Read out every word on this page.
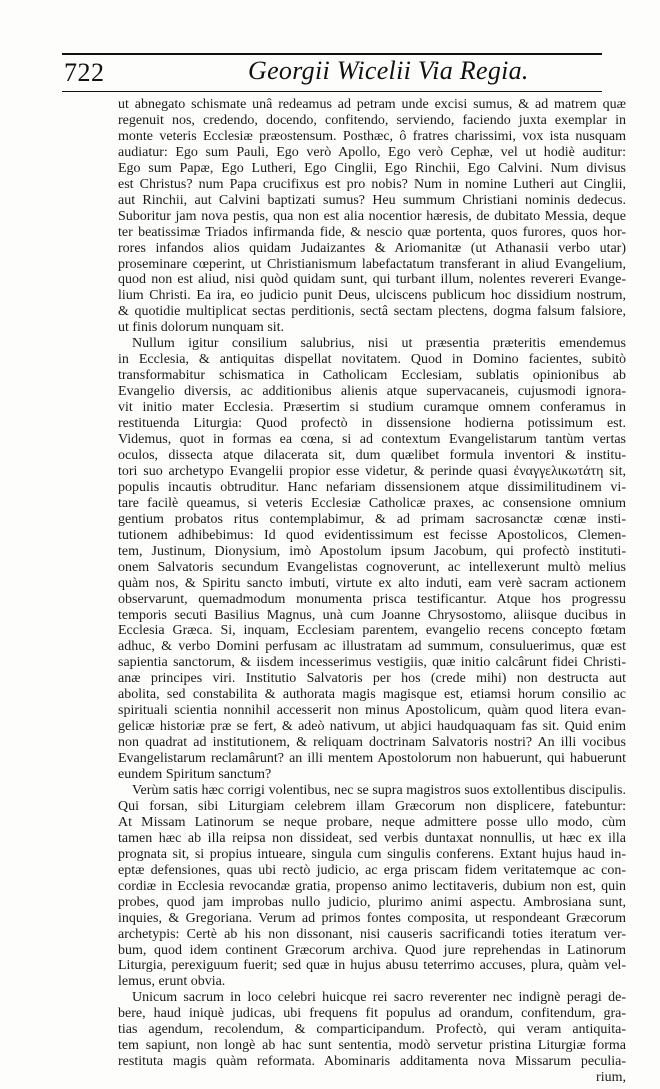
722	Georgii Wicelii Via Regia.
ut abnegato schismate unâ redeamus ad petram unde excisi sumus, & ad matrem quæ
regenuit nos, credendo, docendo, confitendo, serviendo, faciendo juxta exemplar in
monte veteris Ecclesiæ præostensum. Posthæc, ô fratres charissimi, vox ista nusquam
audiatur: Ego sum Pauli, Ego verò Apollo, Ego verò Cephæ, vel ut hodiè auditur:
Ego sum Papæ, Ego Lutheri, Ego Cinglii, Ego Rinchii, Ego Calvini. Num divisus
est Christus? num Papa crucifixus est pro nobis? Num in nomine Lutheri aut Cinglii,
aut Rinchii, aut Calvini baptizati sumus? Heu summum Christiani nominis dedecus.
Suboritur jam nova pestis, qua non est alia nocentior hæresis, de dubitato Messia, deque
ter beatissimæ Triados infirmanda fide, & nescio quæ portenta, quos furores, quos hor-
rores infandos alios quidam Judaizantes & Ariomanitæ (ut Athanasii verbo utar)
proseminare cœperint, ut Christianismum labefactatum transferant in aliud Evangelium,
quod non est aliud, nisi quòd quidam sunt, qui turbant illum, nolentes revereri Evange-
lium Christi. Ea ira, eo judicio punit Deus, ulciscens publicum hoc dissidium nostrum,
& quotidie multiplicat sectas perditionis, sectâ sectam plectens, dogma falsum falsiore,
ut finis dolorum nunquam sit.
Nullum igitur consilium salubrius, nisi ut præsentia præteritis emendemus
in Ecclesia, & antiquitas dispellat novitatem. Quod in Domino facientes, subitò
transformabitur schismatica in Catholicam Ecclesiam, sublatis opinionibus ab
Evangelio diversis, ac additionibus alienis atque supervacaneis, cujusmodi ignora-
vit initio mater Ecclesia. Præsertim si studium curamque omnem conferamus in
restituenda Liturgia: Quod profectò in dissensione hodierna potissimum est.
Videmus, quot in formas ea cœna, si ad contextum Evangelistarum tantùm vertas
oculos, dissecta atque dilacerata sit, dum quælibet formula inventori & institu-
tori suo archetypo Evangelii propior esse videtur, & perinde quasi ἐναγγελικωτάτη sit,
populis incautis obtruditur. Hanc nefariam dissensionem atque dissimilitudinem vi-
tare facilè queamus, si veteris Ecclesiæ Catholicæ praxes, ac consensione omnium
gentium probatos ritus contemplabimur, & ad primam sacrosanctæ cœnæ insti-
tutionem adhibebimus: Id quod evidentissimum est fecisse Apostolicos, Clemen-
tem, Justinum, Dionysium, imò Apostolum ipsum Jacobum, qui profectò instituti-
onem Salvatoris secundum Evangelistas cognoverunt, ac intellexerunt multò melius
quàm nos, & Spiritu sancto imbuti, virtute ex alto induti, eam verè sacram actionem
observarunt, quemadmodum monumenta prisca testificantur. Atque hos progressu
temporis secuti Basilius Magnus, unà cum Joanne Chrysostomo, aliisque ducibus in
Ecclesia Græca. Si, inquam, Ecclesiam parentem, evangelio recens concepto fœtam
adhuc, & verbo Domini perfusam ac illustratam ad summum, consuluerimus, quæ est
sapientia sanctorum, & iisdem incesserimus vestigiis, quæ initio calcârunt fidei Christi-
anæ principes viri. Institutio Salvatoris per hos (crede mihi) non destructa aut
abolita, sed constabilita & authorata magis magisque est, etiamsi horum consilio ac
spirituali scientia nonnihil accesserit non minus Apostolicum, quàm quod litera evan-
gelicæ historiæ præ se fert, & adeò nativum, ut abjici haudquaquam fas sit. Quid enim
non quadrat ad institutionem, & reliquam doctrinam Salvatoris nostri? An illi vocibus
Evangelistarum reclamârunt? an illi mentem Apostolorum non habuerunt, qui habuerunt
eundem Spiritum sanctum?
Verùm satis hæc corrigi volentibus, nec se supra magistros suos extollentibus discipulis.
Qui forsan, sibi Liturgiam celebrem illam Græcorum non displicere, fatebuntur:
At Missam Latinorum se neque probare, neque admittere posse ullo modo, cùm
tamen hæc ab illa reipsa non dissideat, sed verbis duntaxat nonnullis, ut hæc ex illa
prognata sit, si propius intueare, singula cum singulis conferens. Extant hujus haud in-
eptæ defensiones, quas ubi rectò judicio, ac erga priscam fidem veritatemque ac con-
cordiæ in Ecclesia revocandæ gratia, propenso animo lectitaveris, dubium non est, quin
probes, quod jam improbas nullo judicio, plurimo animi aspectu. Ambrosiana sunt,
inquies, & Gregoriana. Verum ad primos fontes composita, ut respondeant Græcorum
archetypis: Certè ab his non dissonant, nisi causeris sacrificandi toties iteratum ver-
bum, quod idem continent Græcorum archiva. Quod jure reprehendas in Latinorum
Liturgia, perexiguum fuerit; sed quæ in hujus abusu teterrimo accuses, plura, quàm vel-
lemus, erunt obvia.
Unicum sacrum in loco celebri huicque rei sacro reverenter nec indignè peragi de-
bere, haud iniquè judicas, ubi frequens fit populus ad orandum, confitendum, gra-
tias agendum, recolendum, & comparticipandum. Profectò, qui veram antiquita-
tem sapiunt, non longè ab hac sunt sententia, modò servetur pristina Liturgiæ forma
restituta magis quàm reformata. Abominaris additamenta nova Missarum peculia-
rium,
